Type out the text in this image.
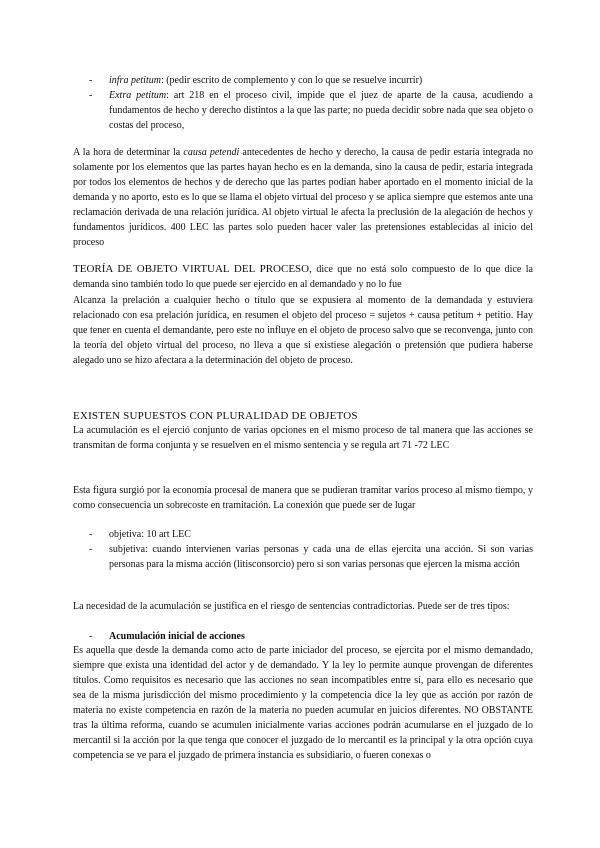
- infra petitum: (pedir escrito de complemento y con lo que se resuelve incurrir)
- Extra petitum: art 218 en el proceso civil, impide que el juez de aparte de la causa, acudiendo a fundamentos de hecho y derecho distintos a la que las parte; no pueda decidir sobre nada que sea objeto o costas del proceso,
A la hora de determinar la causa petendi antecedentes de hecho y derecho, la causa de pedir estaría integrada no solamente por los elementos que las partes hayan hecho es en la demanda, sino la causa de pedir, estaría integrada por todos los elementos de hechos y de derecho que las partes podían haber aportado en el momento inicial de la demanda y no aporto, esto es lo que se llama el objeto virtual del proceso y se aplica siempre que estemos ante una reclamación derivada de una relación jurídica. Al objeto virtual le afecta la preclusión de la alegación de hechos y fundamentos jurídicos. 400 LEC las partes solo pueden hacer valer las pretensiones establecidas al inicio del proceso
TEORÍA DE OBJETO VIRTUAL DEL PROCESO, dice que no está solo compuesto de lo que dice la demanda sino también todo lo que puede ser ejercido en al demandado y no lo fue
Alcanza la prelación a cualquier hecho o título que se expusiera al momento de la demandada y estuviera relacionado con esa prelación jurídica, en resumen el objeto del proceso = sujetos + causa petitum + petitio. Hay que tener en cuenta el demandante, pero este no influye en el objeto de proceso salvo que se reconvenga, junto con la teoría del objeto virtual del proceso, no lleva a que si existiese alegación o pretensión que pudiera haberse alegado uno se hizo afectara a la determinación del objeto de proceso.
EXISTEN SUPUESTOS CON PLURALIDAD DE OBJETOS
La acumulación es el ejerció conjunto de varias opciones en el mismo proceso de tal manera que las acciones se transmitan de forma conjunta y se resuelven en el mismo sentencia y se regula art 71 -72 LEC
Esta figura surgió por la economía procesal de manera que se pudieran tramitar varios proceso al mismo tiempo, y como consecuencia un sobrecoste en tramitación. La conexión que puede ser de lugar
- objetiva: 10 art LEC
- subjetiva: cuando intervienen varias personas y cada una de ellas ejercita una acción. Si son varias personas para la misma acción (litisconsorcio) pero si son varias personas que ejercen la misma acción
La necesidad de la acumulación se justifica en el riesgo de sentencias contradictorias. Puede ser de tres tipos:
- Acumulación inicial de acciones
Es aquella que desde la demanda como acto de parte iniciador del proceso, se ejercita por el mismo demandado, siempre que exista una identidad del actor y de demandado. Y la ley lo permite aunque provengan de diferentes títulos. Como requisitos es necesario que las acciones no sean incompatibles entre sí, para ello es necesario que sea de la misma jurisdicción del mismo procedimiento y la competencia dice la ley que as acción por razón de materia no existe competencia en razón de la materia no pueden acumular en juicios diferentes. NO OBSTANTE tras la última reforma, cuando se acumulen inicialmente varias acciones podrán acumularse en el juzgado de lo mercantil si la acción por la que tenga que conocer el juzgado de lo mercantil es la principal y la otra opción cuya competencia se ve para el juzgado de primera instancia es subsidiario, o fueren conexas o
